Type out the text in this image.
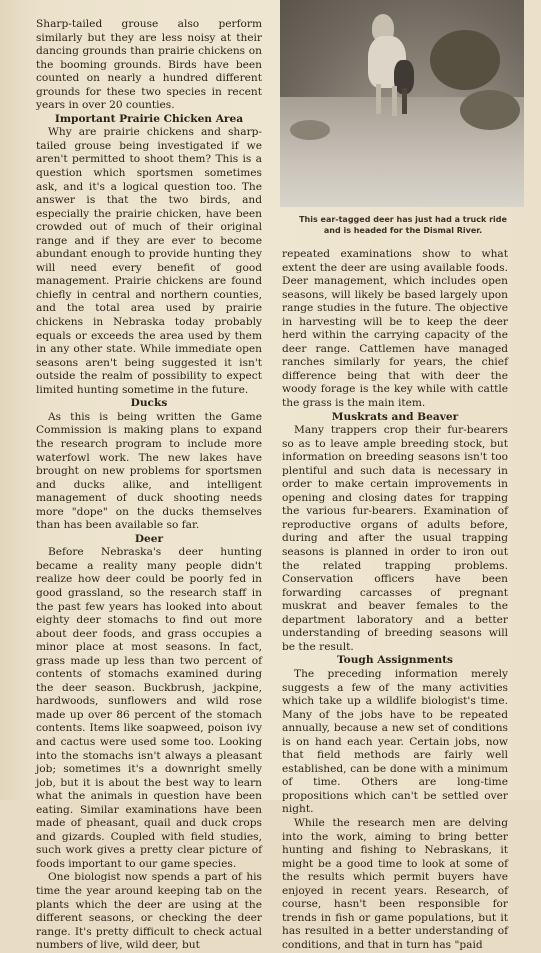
Sharp-tailed grouse also perform similarly but they are less noisy at their dancing grounds than prairie chickens on the booming grounds. Birds have been counted on nearly a hundred different grounds for these two species in recent years in over 20 counties.

Important Prairie Chicken Area

Why are prairie chickens and sharp-tailed grouse being investigated if we aren't permitted to shoot them? This is a question which sportsmen sometimes ask, and it's a logical question too. The answer is that the two birds, and especially the prairie chicken, have been crowded out of much of their original range and if they are ever to become abundant enough to provide hunting they will need every benefit of good management. Prairie chickens are found chiefly in central and northern counties, and the total area used by prairie chickens in Nebraska today probably equals or exceeds the area used by them in any other state. While immediate open seasons aren't being suggested it isn't outside the realm of possibility to expect limited hunting sometime in the future.

Ducks

As this is being written the Game Commission is making plans to expand the research program to include more waterfowl work. The new lakes have brought on new problems for sportsmen and ducks alike, and intelligent management of duck shooting needs more "dope" on the ducks themselves than has been available so far.

Deer

Before Nebraska's deer hunting became a reality many people didn't realize how deer could be poorly fed in good grassland, so the research staff in the past few years has looked into about eighty deer stomachs to find out more about deer foods, and grass occupies a minor place at most seasons. In fact, grass made up less than two percent of contents of stomachs examined during the deer season. Buckbrush, jackpine, hardwoods, sunflowers and wild rose made up over 86 percent of the stomach contents. Items like soapweed, poison ivy and cactus were used some too. Looking into the stomachs isn't always a pleasant job; sometimes it's a downright smelly job, but it is about the best way to learn what the animals in question have been eating. Similar examinations have been made of pheasant, quail and duck crops and gizards. Coupled with field studies, such work gives a pretty clear picture of foods important to our game species.

One biologist now spends a part of his time the year around keeping tab on the plants which the deer are using at the different seasons, or checking the deer range. It's pretty difficult to check actual numbers of live, wild deer, but

This ear-tagged deer has just had a truck ride and is headed for the Dismal River.

repeated examinations show to what extent the deer are using available foods. Deer management, which includes open seasons, will likely be based largely upon range studies in the future. The objective in harvesting will be to keep the deer herd within the carrying capacity of the deer range. Cattlemen have managed ranches similarly for years, the chief difference being that with deer the woody forage is the key while with cattle the grass is the main item.

Muskrats and Beaver

Many trappers crop their fur-bearers so as to leave ample breeding stock, but information on breeding seasons isn't too plentiful and such data is necessary in order to make certain improvements in opening and closing dates for trapping the various fur-bearers. Examination of reproductive organs of adults before, during and after the usual trapping seasons is planned in order to iron out the related trapping problems. Conservation officers have been forwarding carcasses of pregnant muskrat and beaver females to the department laboratory and a better understanding of breeding seasons will be the result.

Tough Assignments

The preceding information merely suggests a few of the many activities which take up a wildlife biologist's time. Many of the jobs have to be repeated annually, because a new set of conditions is on hand each year. Certain jobs, now that field methods are fairly well established, can be done with a minimum of time. Others are long-time propositions which can't be settled over night.

While the research men are delving into the work, aiming to bring better hunting and fishing to Nebraskans, it might be a good time to look at some of the results which permit buyers have enjoyed in recent years. Research, of course, hasn't been responsible for trends in fish or game populations, but it has resulted in a better understanding of conditions, and that in turn has "paid
